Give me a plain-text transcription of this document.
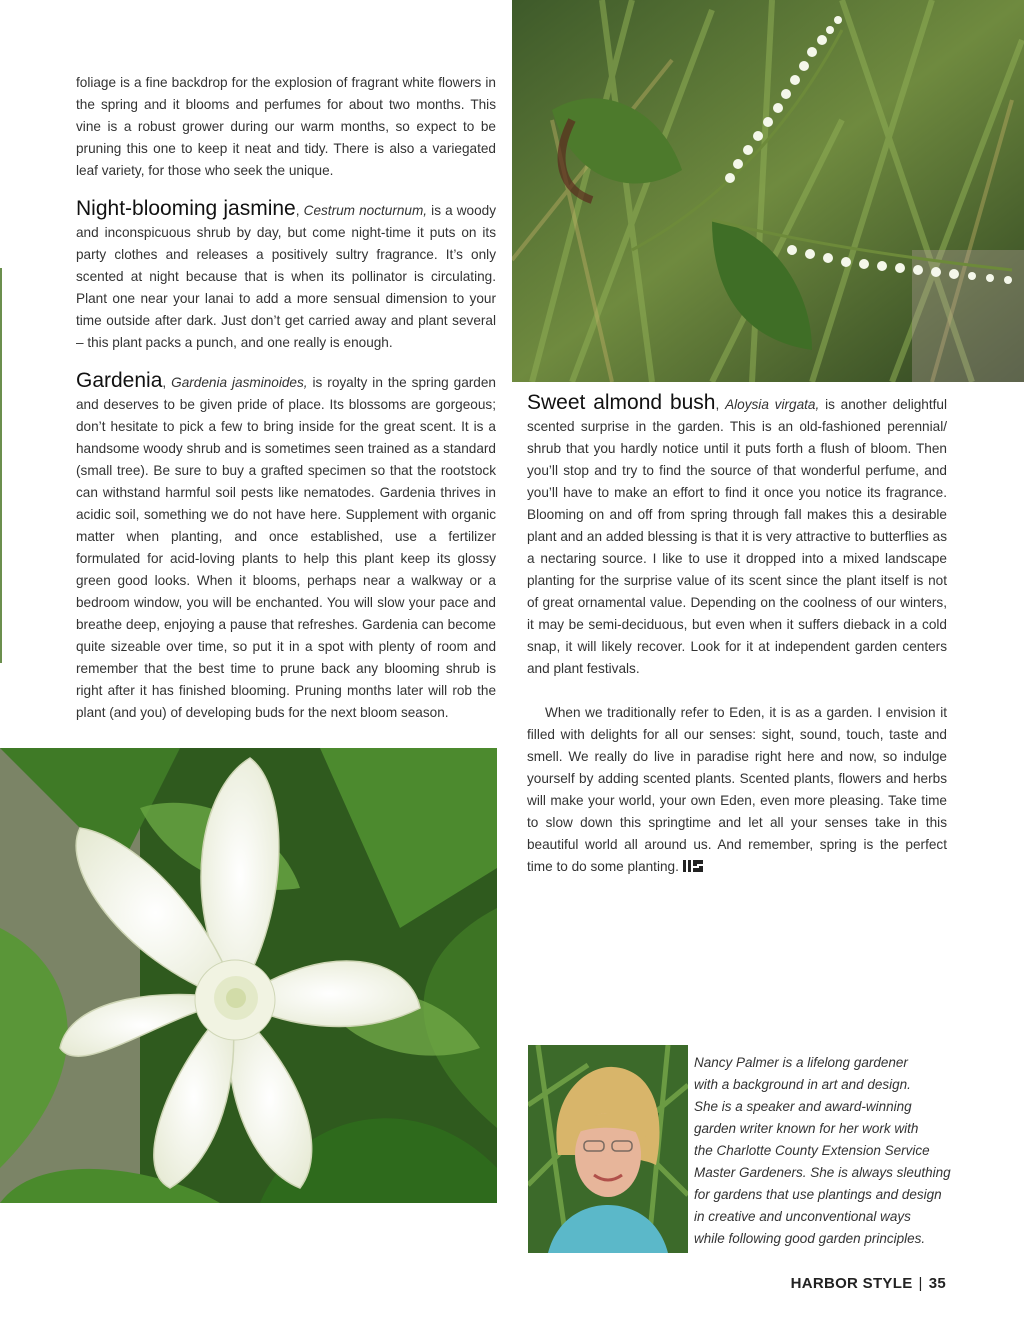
foliage is a fine backdrop for the explosion of fragrant white flowers in the spring and it blooms and perfumes for about two months. This vine is a robust grower during our warm months, so expect to be pruning this one to keep it neat and tidy. There is also a variegated leaf variety, for those who seek the unique.

Night-blooming jasmine, Cestrum nocturnum, is a woody and inconspicuous shrub by day, but come night-time it puts on its party clothes and releases a positively sultry fragrance. It’s only scented at night because that is when its pollinator is circulating. Plant one near your lanai to add a more sensual dimension to your time outside after dark. Just don’t get carried away and plant several – this plant packs a punch, and one really is enough.

Gardenia, Gardenia jasminoides, is royalty in the spring garden and deserves to be given pride of place. Its blossoms are gorgeous; don’t hesitate to pick a few to bring inside for the great scent. It is a handsome woody shrub and is sometimes seen trained as a standard (small tree). Be sure to buy a grafted specimen so that the rootstock can withstand harmful soil pests like nematodes. Gardenia thrives in acidic soil, something we do not have here. Supplement with organic matter when planting, and once established, use a fertilizer formulated for acid-loving plants to help this plant keep its glossy green good looks. When it blooms, perhaps near a walkway or a bedroom window, you will be enchanted. You will slow your pace and breathe deep, enjoying a pause that refreshes. Gardenia can become quite sizeable over time, so put it in a spot with plenty of room and remember that the best time to prune back any blooming shrub is right after it has finished blooming. Pruning months later will rob the plant (and you) of developing buds for the next bloom season.

Sweet almond bush, Aloysia virgata, is another delightful scented surprise in the garden. This is an old-fashioned perennial/ shrub that you hardly notice until it puts forth a flush of bloom. Then you’ll stop and try to find the source of that wonderful perfume, and you’ll have to make an effort to find it once you notice its fragrance. Blooming on and off from spring through fall makes this a desirable plant and an added blessing is that it is very attractive to butterflies as a nectaring source. I like to use it dropped into a mixed landscape planting for the surprise value of its scent since the plant itself is not of great ornamental value. Depending on the coolness of our winters, it may be semi-deciduous, but even when it suffers dieback in a cold snap, it will likely recover. Look for it at independent garden centers and plant festivals.

When we traditionally refer to Eden, it is as a garden. I envision it filled with delights for all our senses: sight, sound, touch, taste and smell. We really do live in paradise right here and now, so indulge yourself by adding scented plants. Scented plants, flowers and herbs will make your world, your own Eden, even more pleasing. Take time to slow down this springtime and let all your senses take in this beautiful world all around us. And remember, spring is the perfect time to do some planting.

Nancy Palmer is a lifelong gardener
with a background in art and design.
She is a speaker and award-winning
garden writer known for her work with
the Charlotte County Extension Service
Master Gardeners. She is always sleuthing
for gardens that use plantings and design
in creative and unconventional ways
while following good garden principles.
HARBOR STYLE | 35
